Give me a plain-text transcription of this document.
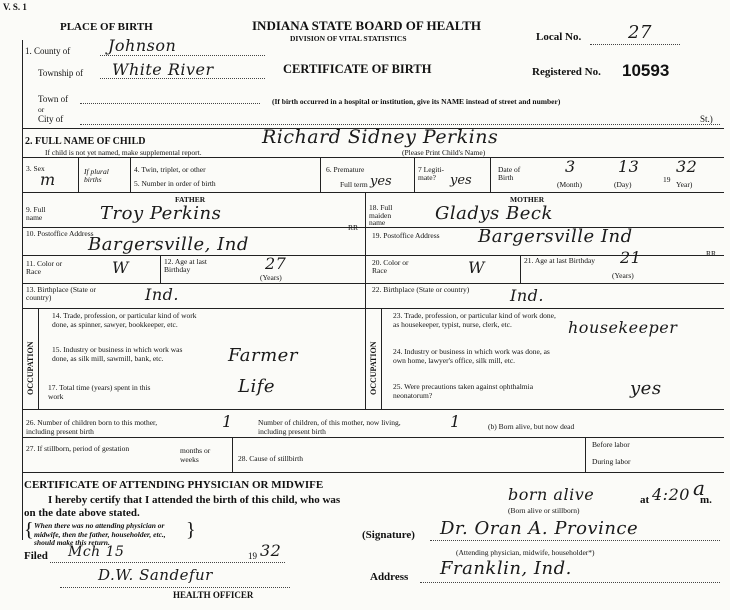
V. S. 1
PLACE OF BIRTH	INDIANA STATE BOARD OF HEALTH
DIVISION OF VITAL STATISTICS
CERTIFICATE OF BIRTH
Local No.	27
Registered No. 10593
1. County of Johnson
Township of White River
Town of
or
City of
(If birth occurred in a hospital or institution, give its NAME instead of street and number)
St.)
2. FULL NAME OF CHILD	Richard Sidney Perkins
If child is not yet named, make supplemental report.	(Please Print Child's Name)
3. Sex
m	If plural births
4. Twin, triplet, or other
5. Number in order of birth
6. Premature
Full term yes
7 Legiti- mate?	yes
Date of Birth
3	13
19
32
(Month)	(Day)	Year)
FATHER	MOTHER
9. Full name	Troy Perkins
10. Postoffice Address
Bargersville, Ind
RR
11. Color or Race	W	12. Age at last Birthday	27
(Years)
13. Birthplace (State or country)	Ind.
14. Trade, profession, or particular kind of work done, as spinner, sawyer, bookkeeper, etc.
15. Industry or business in which work was done, as silk mill, sawmill, bank, etc.	Farmer
17. Total time (years) spent in this work	Life
OCCUPATION
18. Full maiden name	Gladys Beck
19. Postoffice Address Bargersville Ind
RR
20. Color or Race	W	21. Age at last Birthday	21
(Years)
22. Birthplace (State or country)	Ind.
23. Trade, profession, or particular kind of work done, as housekeeper, typist, nurse, clerk, etc.	housekeeper
24. Industry or business in which work was done, as own home, lawyer's office, silk mill, etc.
25. Were precautions taken against ophthalmia neonatorum?	yes
OCCUPATION
26. Number of children born to this mother, including present birth
1	Number of children, of this mother, now living, including present birth
1	(b) Born alive, but now dead
27. If stillborn, period of gestation	months or weeks	28. Cause of stillbirth
Before labor
During labor
CERTIFICATE OF ATTENDING PHYSICIAN OR MIDWIFE
I hereby certify that I attended the birth of this child, who was	born alive
(Born alive or stillborn)
at 4:20 a
m.
on the date above stated.
When there was no attending physician or midwife, then the father, householder, etc., should make this return.
{	}	(Signature) Dr. Oran A. Province
(Attending physician, midwife, householder*)
Address Franklin, Ind.
Filed Mch 15	19 32
D.W. Sandefur
HEALTH OFFICER
